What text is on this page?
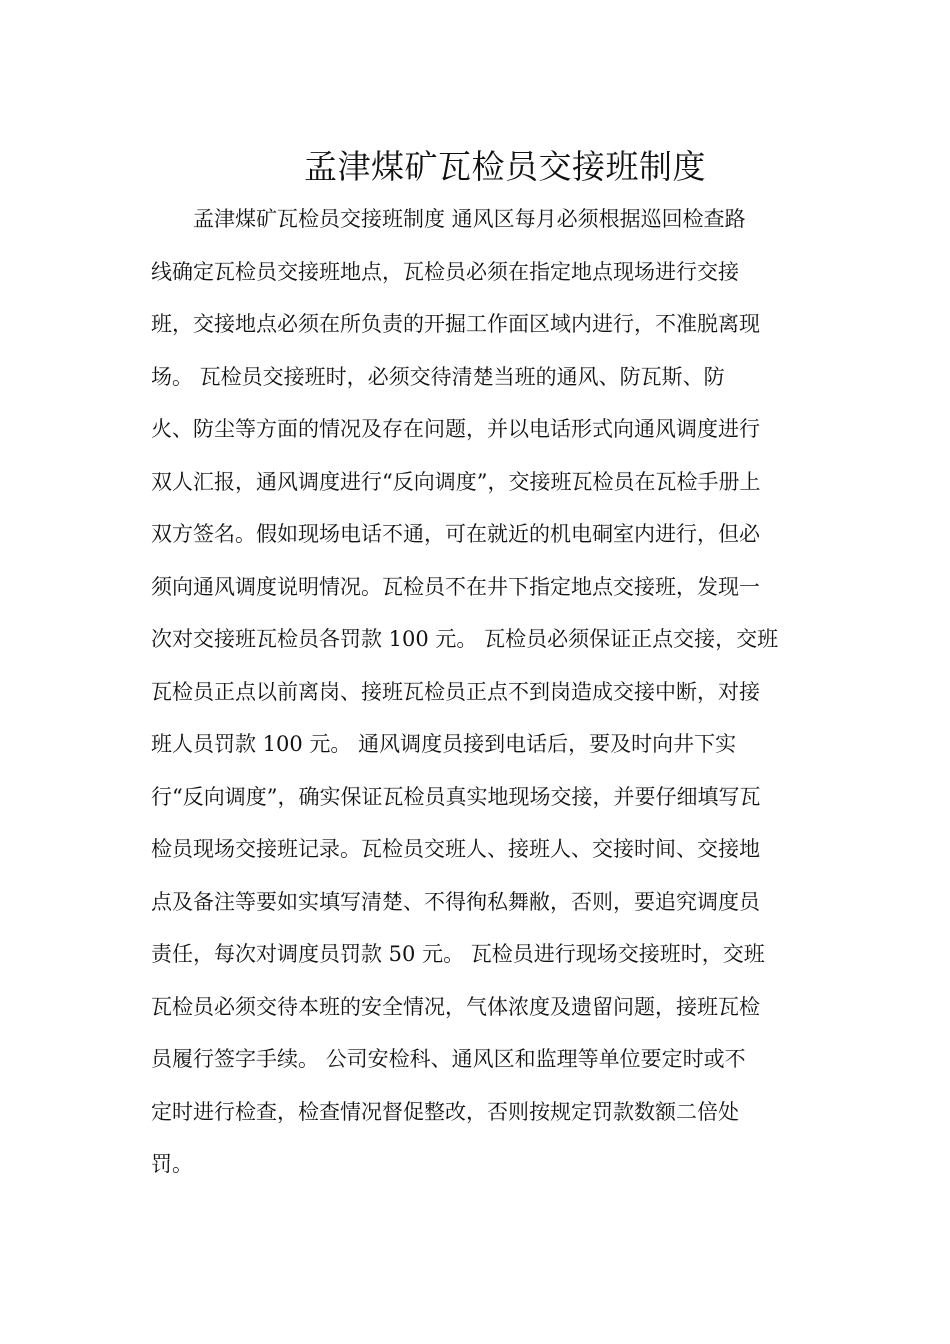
孟津煤矿瓦检员交接班制度
　　孟津煤矿瓦检员交接班制度 通风区每月必须根据巡回检查路
线确定瓦检员交接班地点，瓦检员必须在指定地点现场进行交接
班，交接地点必须在所负责的开掘工作面区域内进行，不准脱离现
场。 瓦检员交接班时，必须交待清楚当班的通风、防瓦斯、防
火、防尘等方面的情况及存在问题，并以电话形式向通风调度进行
双人汇报，通风调度进行“反向调度”，交接班瓦检员在瓦检手册上
双方签名。假如现场电话不通，可在就近的机电硐室内进行，但必
须向通风调度说明情况。瓦检员不在井下指定地点交接班，发现一
次对交接班瓦检员各罚款 100 元。 瓦检员必须保证正点交接，交班
瓦检员正点以前离岗、接班瓦检员正点不到岗造成交接中断，对接
班人员罚款 100 元。 通风调度员接到电话后，要及时向井下实
行“反向调度”，确实保证瓦检员真实地现场交接，并要仔细填写瓦
检员现场交接班记录。瓦检员交班人、接班人、交接时间、交接地
点及备注等要如实填写清楚、不得徇私舞敝，否则，要追究调度员
责任，每次对调度员罚款 50 元。 瓦检员进行现场交接班时，交班
瓦检员必须交待本班的安全情况，气体浓度及遗留问题，接班瓦检
员履行签字手续。 公司安检科、通风区和监理等单位要定时或不
定时进行检查，检查情况督促整改，否则按规定罚款数额二倍处
罚。
